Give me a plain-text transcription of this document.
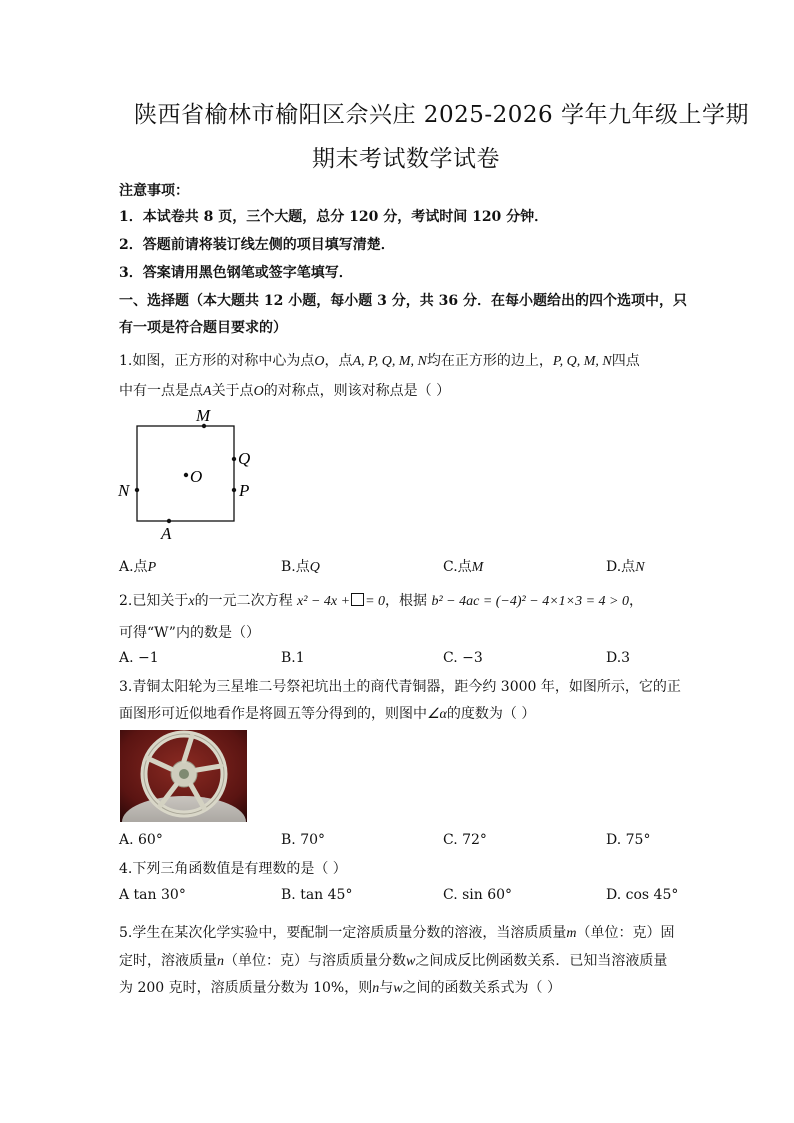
陕西省榆林市榆阳区佘兴庄 2025-2026 学年九年级上学期
期末考试数学试卷
注意事项：
1．本试卷共 8 页，三个大题，总分 120 分，考试时间 120 分钟．
2．答题前请将装订线左侧的项目填写清楚．
3．答案请用黑色钢笔或签字笔填写．
一、选择题（本大题共 12 小题，每小题 3 分，共 36 分．在每小题给出的四个选项中，只
有一项是符合题目要求的）
1.如图，正方形的对称中心为点O，点A, P, Q, M, N均在正方形的边上，P, Q, M, N四点
中有一点是点A关于点O的对称点，则该对称点是（ ）
M
Q
O
N	P
A
A.点P	B.点Q	C.点M	D.点N
2.已知关于x的一元二次方程 x² − 4x + = 0，根据 b² − 4ac = (−4)² − 4×1×3 = 4 > 0，
可得“W”内的数是（）
A. −1	B.1	C. −3	D.3
3.青铜太阳轮为三星堆二号祭祀坑出土的商代青铜器，距今约 3000 年，如图所示，它的正
面图形可近似地看作是将圆五等分得到的，则图中∠α的度数为（ ）
A. 60°	B. 70°	C. 72°	D. 75°
4.下列三角函数值是有理数的是（ ）
A tan 30°	B. tan 45°	C. sin 60°	D. cos 45°
5.学生在某次化学实验中，要配制一定溶质质量分数的溶液，当溶质质量m（单位：克）固
定时，溶液质量n（单位：克）与溶质质量分数w之间成反比例函数关系．已知当溶液质量
为 200 克时，溶质质量分数为 10%，则n与w之间的函数关系式为（ ）
